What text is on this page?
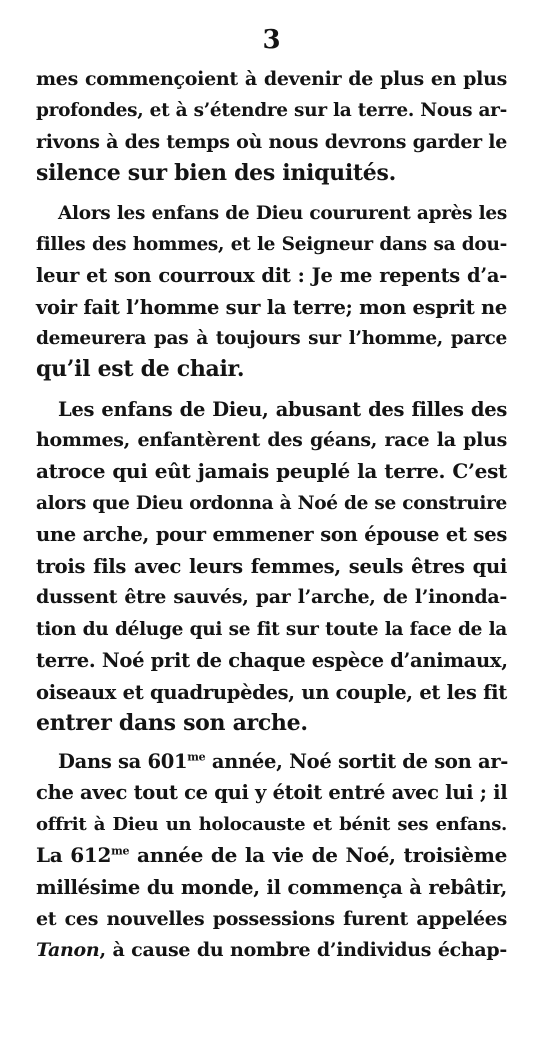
3
mes commençoient à devenir de plus en plus
profondes, et à s’étendre sur la terre. Nous ar-
rivons à des temps où nous devrons garder le
silence sur bien des iniquités.
Alors les enfans de Dieu coururent après les
filles des hommes, et le Seigneur dans sa dou-
leur et son courroux dit : Je me repents d’a-
voir fait l’homme sur la terre; mon esprit ne
demeurera pas à toujours sur l’homme, parce
qu’il est de chair.
Les enfans de Dieu, abusant des filles des
hommes, enfantèrent des géans, race la plus
atroce qui eût jamais peuplé la terre. C’est
alors que Dieu ordonna à Noé de se construire
une arche, pour emmener son épouse et ses
trois fils avec leurs femmes, seuls êtres qui
dussent être sauvés, par l’arche, de l’inonda-
tion du déluge qui se fit sur toute la face de la
terre. Noé prit de chaque espèce d’animaux,
oiseaux et quadrupèdes, un couple, et les fit
entrer dans son arche.
Dans sa $601^{me}$ année, Noé sortit de son ar-
che avec tout ce qui y étoit entré avec lui ; il
offrit à Dieu un holocauste et bénit ses enfans.
La $612^{me}$ année de la vie de Noé, troisième
millésime du monde, il commença à rebâtir,
et ces nouvelles possessions furent appelées
Tanon, à cause du nombre d’individus échap-
